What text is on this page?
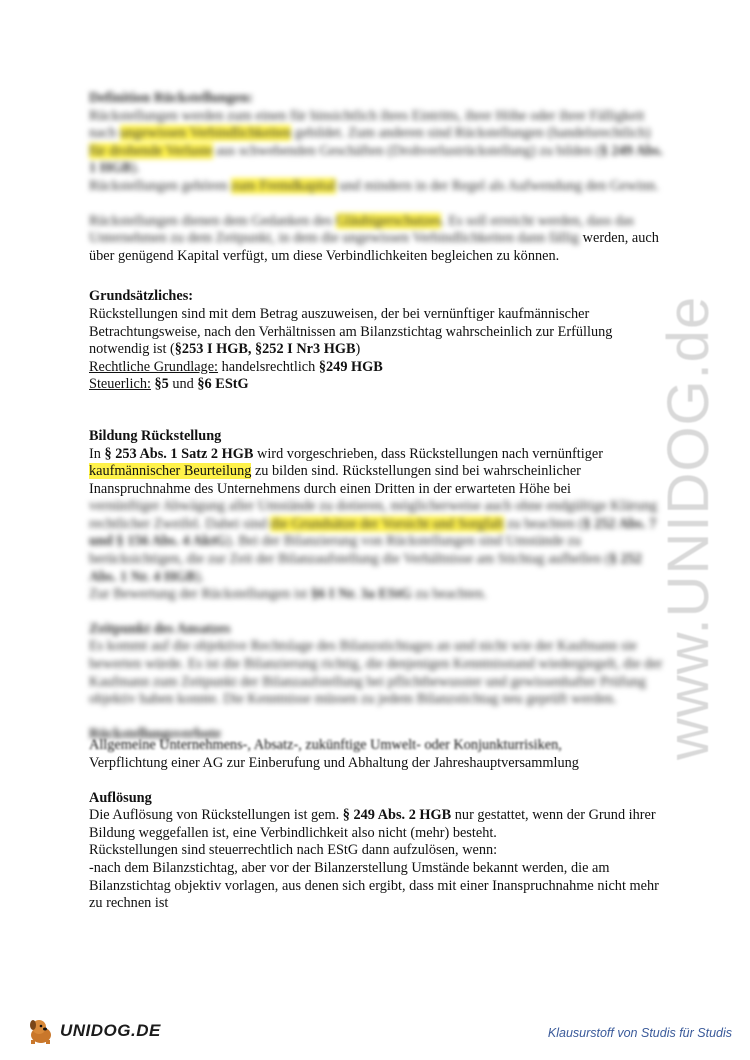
www.UNIDOG.de
Definition Rückstellungen:
Rückstellungen werden zum einen für hinsichtlich ihres Eintritts, ihrer Höhe oder ihrer Fälligkeit nach ungewissen Verbindlichkeiten gebildet. Zum anderen sind Rückstellungen (handelsrechtlich) für drohende Verluste aus schwebenden Geschäften (Drohverlustrückstellung) zu bilden (§ 249 Abs. 1 HGB).
Rückstellungen gehören zum Fremdkapital und mindern in der Regel als Aufwendung den Gewinn.
Rückstellungen dienen dem Gedanken des Gläubigerschutzes. Es soll erreicht werden, dass das Unternehmen zu dem Zeitpunkt, in dem die ungewissen Verbindlichkeiten dann fällig werden, auch über genügend Kapital verfügt, um diese Verbindlichkeiten begleichen zu können.
Grundsätzliches:
Rückstellungen sind mit dem Betrag auszuweisen, der bei vernünftiger kaufmännischer Betrachtungsweise, nach den Verhältnissen am Bilanzstichtag wahrscheinlich zur Erfüllung notwendig ist (§253 I HGB, §252 I Nr3 HGB)
Rechtliche Grundlage: handelsrechtlich §249 HGB
Steuerlich: §5 und §6 EStG
Bildung Rückstellung
In § 253 Abs. 1 Satz 2 HGB wird vorgeschrieben, dass Rückstellungen nach vernünftiger kaufmännischer Beurteilung zu bilden sind. Rückstellungen sind bei wahrscheinlicher Inanspruchnahme des Unternehmens durch einen Dritten in der erwarteten Höhe bei
vernünftiger Abwägung aller Umstände zu dotieren, möglicherweise auch ohne endgültige Klärung rechtlicher Zweifel. Dabei sind die Grundsätze der Vorsicht und Sorgfalt zu beachten (§ 252 Abs. 7 und § 156 Abs. 4 AktG). Bei der Bilanzierung von Rückstellungen sind Umstände zu berücksichtigen, die zur Zeit der Bilanzaufstellung die Verhältnisse am Stichtag aufhellen (§ 252 Abs. 1 Nr. 4 HGB).
Zur Bewertung der Rückstellungen ist §6 I Nr. 3a EStG zu beachten.
Zeitpunkt des Ansatzes
Es kommt auf die objektive Rechtslage des Bilanzstichtages an und nicht wie der Kaufmann sie bewerten würde. Es ist die Bilanzierung richtig, die denjenigen Kenntnisstand wiedergiegelt, die der Kaufmann zum Zeitpunkt der Bilanzaufstellung bei pflichtbewusster und gewissenhafter Prüfung objektiv haben konnte. Die Kenntnisse müssen zu jedem Bilanzstichtag neu geprüft werden.
Rückstellungsverbote
Allgemeine Unternehmens-, Absatz-, zukünftige Umwelt- oder Konjunkturrisiken,
Verpflichtung einer AG zur Einberufung und Abhaltung der Jahreshauptversammlung
Auflösung
Die Auflösung von Rückstellungen ist gem. § 249 Abs. 2 HGB nur gestattet, wenn der Grund ihrer Bildung weggefallen ist, eine Verbindlichkeit also nicht (mehr) besteht.
Rückstellungen sind steuerrechtlich nach EStG dann aufzulösen, wenn:
-nach dem Bilanzstichtag, aber vor der Bilanzerstellung Umstände bekannt werden, die am Bilanzstichtag objektiv vorlagen, aus denen sich ergibt, dass mit einer Inanspruchnahme nicht mehr zu rechnen ist
UNIDOG.DE	Klausurstoff von Studis für Studis
